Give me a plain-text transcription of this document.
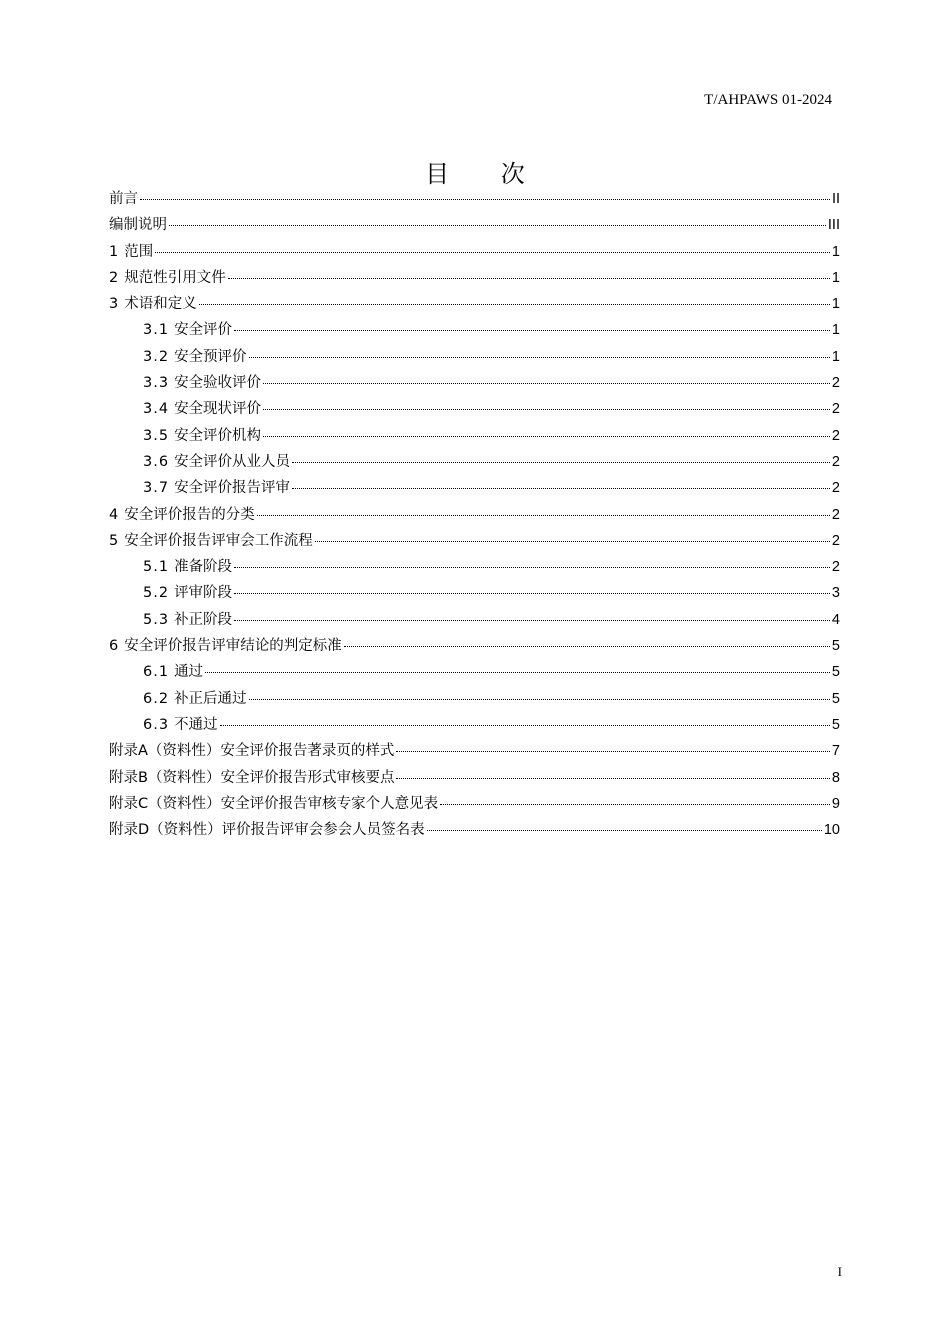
T/AHPAWS 01-2024
目 次
前言	II
编制说明	III
1 范围	1
2 规范性引用文件	1
3 术语和定义	1
3.1 安全评价	1
3.2 安全预评价	1
3.3 安全验收评价	2
3.4 安全现状评价	2
3.5 安全评价机构	2
3.6 安全评价从业人员	2
3.7 安全评价报告评审	2
4 安全评价报告的分类	2
5 安全评价报告评审会工作流程	2
5.1 准备阶段	2
5.2 评审阶段	3
5.3 补正阶段	4
6 安全评价报告评审结论的判定标准	5
6.1 通过	5
6.2 补正后通过	5
6.3 不通过	5
附录A（资料性）安全评价报告著录页的样式	7
附录B（资料性）安全评价报告形式审核要点	8
附录C（资料性）安全评价报告审核专家个人意见表	9
附录D（资料性）评价报告评审会参会人员签名表	10
I
